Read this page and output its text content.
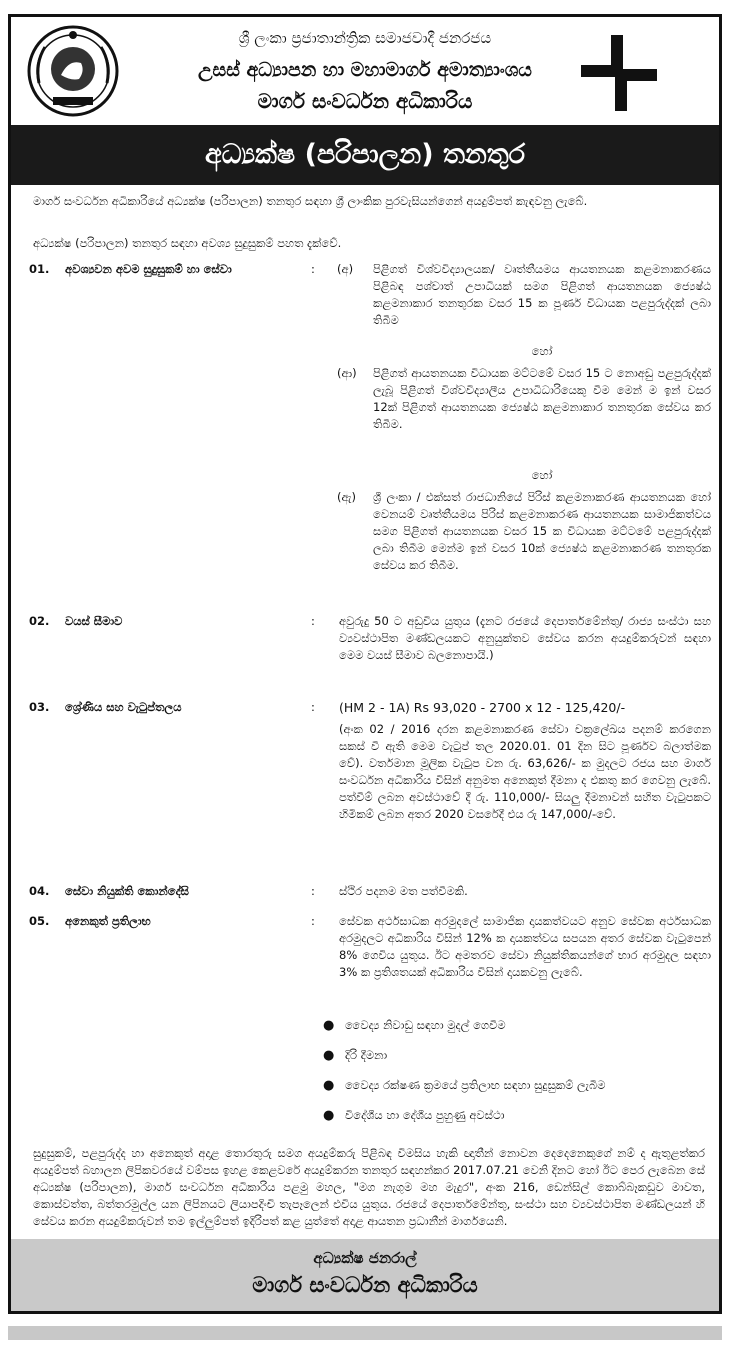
ශ්‍රී ලංකා ප්‍රජාතාන්ත්‍රික සමාජවාදී ජනරජය
උසස් අධ්‍යාපන හා මහාමාර්ග අමාත්‍යාංශය
මාර්ග සංවර්ධන අධිකාරිය
අධ්‍යක්ෂ (පරිපාලන) තනතුර
මාර්ග සංවර්ධන අධිකාරියේ අධ්‍යක්ෂ (පරිපාලන) තනතුර සඳහා ශ්‍රී ලාංකික පුරවැසියන්ගෙන් අයදුම්පත් කැඳවනු ලැබේ.
අධ්‍යක්ෂ (පරිපාලන) තනතුර සඳහා අවශ්‍ය සුදුසුකම් පහත දැක්වේ.
01. අවශ්‍යවන අවම සුදුසුකම් හා සේවා	: (අ) පිළිගත් විශ්වවිද්‍යාලයක/ වෘත්තීයමය ආයතනයක කළමනාකරණය පිළිබඳ පශ්චාත් උපාධියක් සමග පිළිගත් ආයතනයක ජ්‍යෙෂ්ඨ කළමනාකාර තනතුරක වසර 15 ක පූර්ණ විධායක පළපුරුද්දක් ලබා තිබීම
හෝ
(ආ) පිළිගත් ආයතනයක විධායක මට්ටමේ වසර 15 ට නොඅඩු පළපුරුද්දක් ලැබූ පිළිගත් විශ්වවිද්‍යාලීය උපාධිධාරියෙකු වීම මෙන් ම ඉන් වසර 12ක් පිළිගත් ආයතනයක ජ්‍යෙෂ්ඨ කළමනාකාර තනතුරක සේවය කර තිබීම.
හෝ
(ඇ) ශ්‍රී ලංකා / එක්සත් රාජධානියේ පිරිස් කළමනාකරණ ආයතනයක හෝ වෙනයම් වෘත්තීයමය පිරිස් කළමනාකරණ ආයතනයක සාමාජිකත්වය සමග පිළිගත් ආයතනයක වසර 15 ක විධායක මට්ටමේ පළපුරුද්දක් ලබා තිබීම මෙන්ම ඉන් වසර 10ක් ජ්‍යෙෂ්ඨ කළමනාකරණ තනතුරක සේවය කර තිබීම.
02. වයස් සීමාව	: අවුරුදු 50 ට අඩුවිය යුතුය (දැනට රජයේ දෙපාර්තමේන්තු/ රාජ්‍ය සංස්ථා සහ ව්‍යවස්ථාපිත මණ්ඩලයකට අනුයුක්තව සේවය කරන අයදුම්කරුවන් සඳහා මෙම වයස් සීමාව බලනොපායි.)
03. ශ්‍රේණිය සහ වැටුප්තලය	: (HM 2 - 1A) Rs 93,020 - 2700 x 12 - 125,420/-
(අංක 02 / 2016 දරන කළමනාකරණ සේවා චක්‍රලේඛය පදනම් කරගෙන සකස් වී ඇති මෙම වැටුප් තල 2020.01. 01 දින සිට පූර්ණව බලාත්මක වේ). වර්තමාන මූලික වැටුප වන රු. 63,626/- ක මුදලට රජය සහ මාර්ග සංවර්ධන අධිකාරිය විසින් අනුමත අනෙකුත් දීමනා ද එකතු කර ගෙවනු ලැබේ. පත්වීම් ලබන අවස්ථාවේ දී රු. 110,000/- සියලු දීමනාවන් සහිත වැටුපකට හිමිකම් ලබන අතර 2020 වසරේදී එය රු 147,000/-වේ.
04. සේවා නියුක්ති කොන්දේසි	: ස්ථිර පදනම මත පත්වීමකි.
05. අනෙකුත් ප්‍රතිලාභ	: සේවක අර්ථසාධක අරමුදලේ සාමාජික දායකත්වයට අනුව සේවක අර්ථසාධක අරමුදලට අධිකාරිය විසින් 12% ක දායකත්වය සපයන අතර සේවක වැටුපෙන් 8% ගෙවිය යුතුය. ඊට අමතරව සේවා නියුක්තිකයන්ගේ භාර අරමුදල සඳහා 3% ක ප්‍රතිශතයක් අධිකාරිය විසින් දායකවනු ලැබේ.
● වෛද්‍ය නිවාඩු සඳහා මුදල් ගෙවීම
● දිරි දීමනා
● වෛද්‍ය රක්ෂණ ක්‍රමයේ ප්‍රතිලාභ සඳහා සුදුසුකම් ලැබීම
● විදේශීය හා දේශීය පුහුණු අවස්ථා
සුදුසුකම්, පළපුරුද්ද හා අනෙකුත් අදාළ තොරතුරු සමග අයදුම්කරු පිළිබඳ විමසිය හැකි ඥාතීන් නොවන දෙදෙනෙකුගේ නම් ද ඇතුළත්කර අයදුම්පත් බහාලන ලිපිකවරයේ වම්පස ඉහළ කෙළවරේ අයදුම්කරන තනතුර සඳහන්කර 2017.07.21 වෙනි දිනට හෝ ඊට පෙර ලැබෙන සේ අධ්‍යක්ෂ (පරිපාලන), මාර්ග සංවර්ධන අධිකාරිය පළමු මහල, "මග නැගුම මහ මැදුර", අංක 216, ඩෙන්සිල් කොබ්බෑකඩුව මාවත, කොස්වත්ත, බත්තරමුල්ල යන ලිපිනයට ලියාපදිංචි තැපෑලෙන් එවිය යුතුය. රජයේ දෙපාර්තමේන්තු, සංස්ථා සහ ව්‍යවස්ථාපිත මණ්ඩලයන් හි සේවය කරන අයදුම්කරුවන් තම ඉල්ලුම්පත් ඉදිරිපත් කළ යුත්තේ අදාළ ආයතන ප්‍රධානීන් මාර්ගයෙනි.
අධ්‍යක්ෂ ජනරාල්
මාර්ග සංවර්ධන අධිකාරිය
